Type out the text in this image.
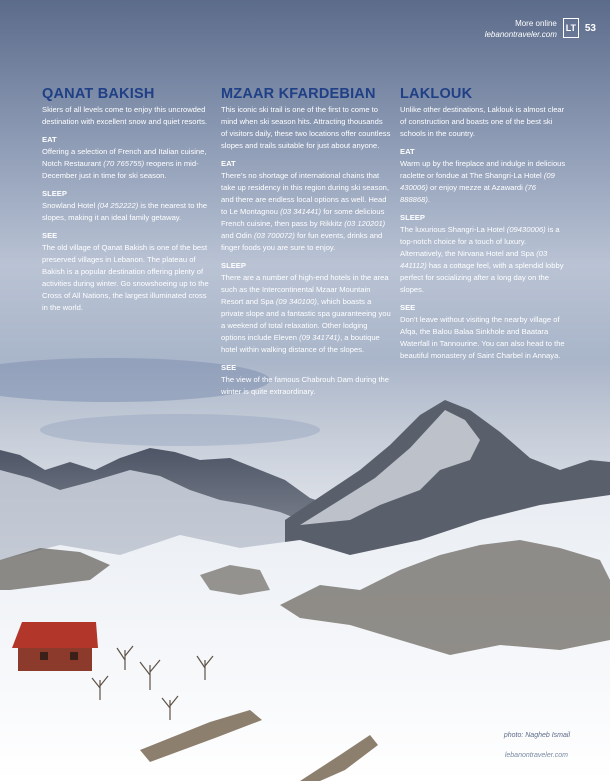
More online
lebanontraveler.com
LT 53
QANAT BAKISH

Skiers of all levels come to enjoy this uncrowded destination with excellent snow and quiet resorts.

EAT

Offering a selection of French and Italian cuisine, Notch Restaurant (70 765755) reopens in mid-December just in time for ski season.

SLEEP

Snowland Hotel (04 252222) is the nearest to the slopes, making it an ideal family getaway.

SEE

The old village of Qanat Bakish is one of the best preserved villages in Lebanon. The plateau of Bakish is a popular destination offering plenty of activities during winter. Go snowshoeing up to the Cross of All Nations, the largest illuminated cross in the world.

MZAAR KFARDEBIAN

This iconic ski trail is one of the first to come to mind when ski season hits. Attracting thousands of visitors daily, these two locations offer countless slopes and trails suitable for just about anyone.

EAT

There’s no shortage of international chains that take up residency in this region during ski season, and there are endless local options as well. Head to Le Montagnou (03 341441) for some delicious French cuisine, then pass by Rikkitz (03 120201) and Odin (03 700072) for fun events, drinks and finger foods you are sure to enjoy.

SLEEP

There are a number of high-end hotels in the area such as the Intercontinental Mzaar Mountain Resort and Spa (09 340100), which boasts a private slope and a fantastic spa guaranteeing you a weekend of total relaxation. Other lodging options include Eleven (09 341741), a boutique hotel within walking distance of the slopes.

SEE

The view of the famous Chabrouh Dam during the winter is quite extraordinary.

LAKLOUK

Unlike other destinations, Laklouk is almost clear of construction and boasts one of the best ski schools in the country.

EAT

Warm up by the fireplace and indulge in delicious raclette or fondue at The Shangri-La Hotel (09 430006) or enjoy mezze at Azawardi (76 888868).

SLEEP

The luxurious Shangri-La Hotel (09430006) is a top-notch choice for a touch of luxury. Alternatively, the Nirvana Hotel and Spa (03 441112) has a cottage feel, with a splendid lobby perfect for socializing after a long day on the slopes.

SEE

Don’t leave without visiting the nearby village of Afqa, the Balou Balaa Sinkhole and Baatara Waterfall in Tannourine. You can also head to the beautiful monastery of Saint Charbel in Annaya.

photo: Nagheb Ismail
lebanontraveler.com
